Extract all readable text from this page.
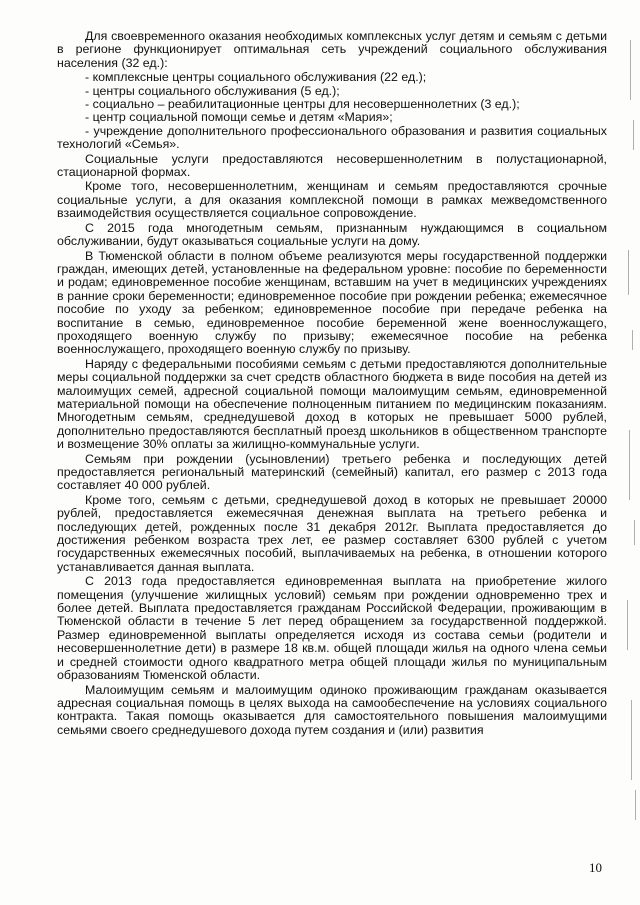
Для своевременного оказания необходимых комплексных услуг детям и семьям с детьми в регионе функционирует оптимальная сеть учреждений социального обслуживания населения (32 ед.):

- комплексные центры социального обслуживания (22 ед.);

- центры социального обслуживания (5 ед.);

- социально – реабилитационные центры для несовершеннолетних (3 ед.);

- центр социальной помощи семье и детям «Мария»;

- учреждение дополнительного профессионального образования и развития социальных технологий «Семья».

Социальные услуги предоставляются несовершеннолетним в полустационарной, стационарной формах.

Кроме того, несовершеннолетним, женщинам и семьям предоставляются срочные социальные услуги, а для оказания комплексной помощи в рамках межведомственного взаимодействия осуществляется социальное сопровождение.

С 2015 года многодетным семьям, признанным нуждающимся в социальном обслуживании, будут оказываться социальные услуги на дому.

В Тюменской области в полном объеме реализуются меры государственной поддержки граждан, имеющих детей, установленные на федеральном уровне: пособие по беременности и родам; единовременное пособие женщинам, вставшим на учет в медицинских учреждениях в ранние сроки беременности; единовременное пособие при рождении ребенка; ежемесячное пособие по уходу за ребенком; единовременное пособие при передаче ребенка на воспитание в семью, единовременное пособие беременной жене военнослужащего, проходящего военную службу по призыву; ежемесячное пособие на ребенка военнослужащего, проходящего военную службу по призыву.

Наряду с федеральными пособиями семьям с детьми предоставляются дополнительные меры социальной поддержки за счет средств областного бюджета в виде пособия на детей из малоимущих семей, адресной социальной помощи малоимущим семьям, единовременной материальной помощи на обеспечение полноценным питанием по медицинским показаниям. Многодетным семьям, среднедушевой доход в которых не превышает 5000 рублей, дополнительно предоставляются бесплатный проезд школьников в общественном транспорте и возмещение 30% оплаты за жилищно-коммунальные услуги.

Семьям при рождении (усыновлении) третьего ребенка и последующих детей предоставляется региональный материнский (семейный) капитал, его размер с 2013 года составляет 40 000 рублей.

Кроме того, семьям с детьми, среднедушевой доход в которых не превышает 20000 рублей, предоставляется ежемесячная денежная выплата на третьего ребенка и последующих детей, рожденных после 31 декабря 2012г. Выплата предоставляется до достижения ребенком возраста трех лет, ее размер составляет 6300 рублей с учетом государственных ежемесячных пособий, выплачиваемых на ребенка, в отношении которого устанавливается данная выплата.

С 2013 года предоставляется единовременная выплата на приобретение жилого помещения (улучшение жилищных условий) семьям при рождении одновременно трех и более детей. Выплата предоставляется гражданам Российской Федерации, проживающим в Тюменской области в течение 5 лет перед обращением за государственной поддержкой. Размер единовременной выплаты определяется исходя из состава семьи (родители и несовершеннолетние дети) в размере 18 кв.м. общей площади жилья на одного члена семьи и средней стоимости одного квадратного метра общей площади жилья по муниципальным образованиям Тюменской области.

Малоимущим семьям и малоимущим одиноко проживающим гражданам оказывается адресная социальная помощь в целях выхода на самообеспечение на условиях социального контракта. Такая помощь оказывается для самостоятельного повышения малоимущими семьями своего среднедушевого дохода путем создания и (или) развития

10
